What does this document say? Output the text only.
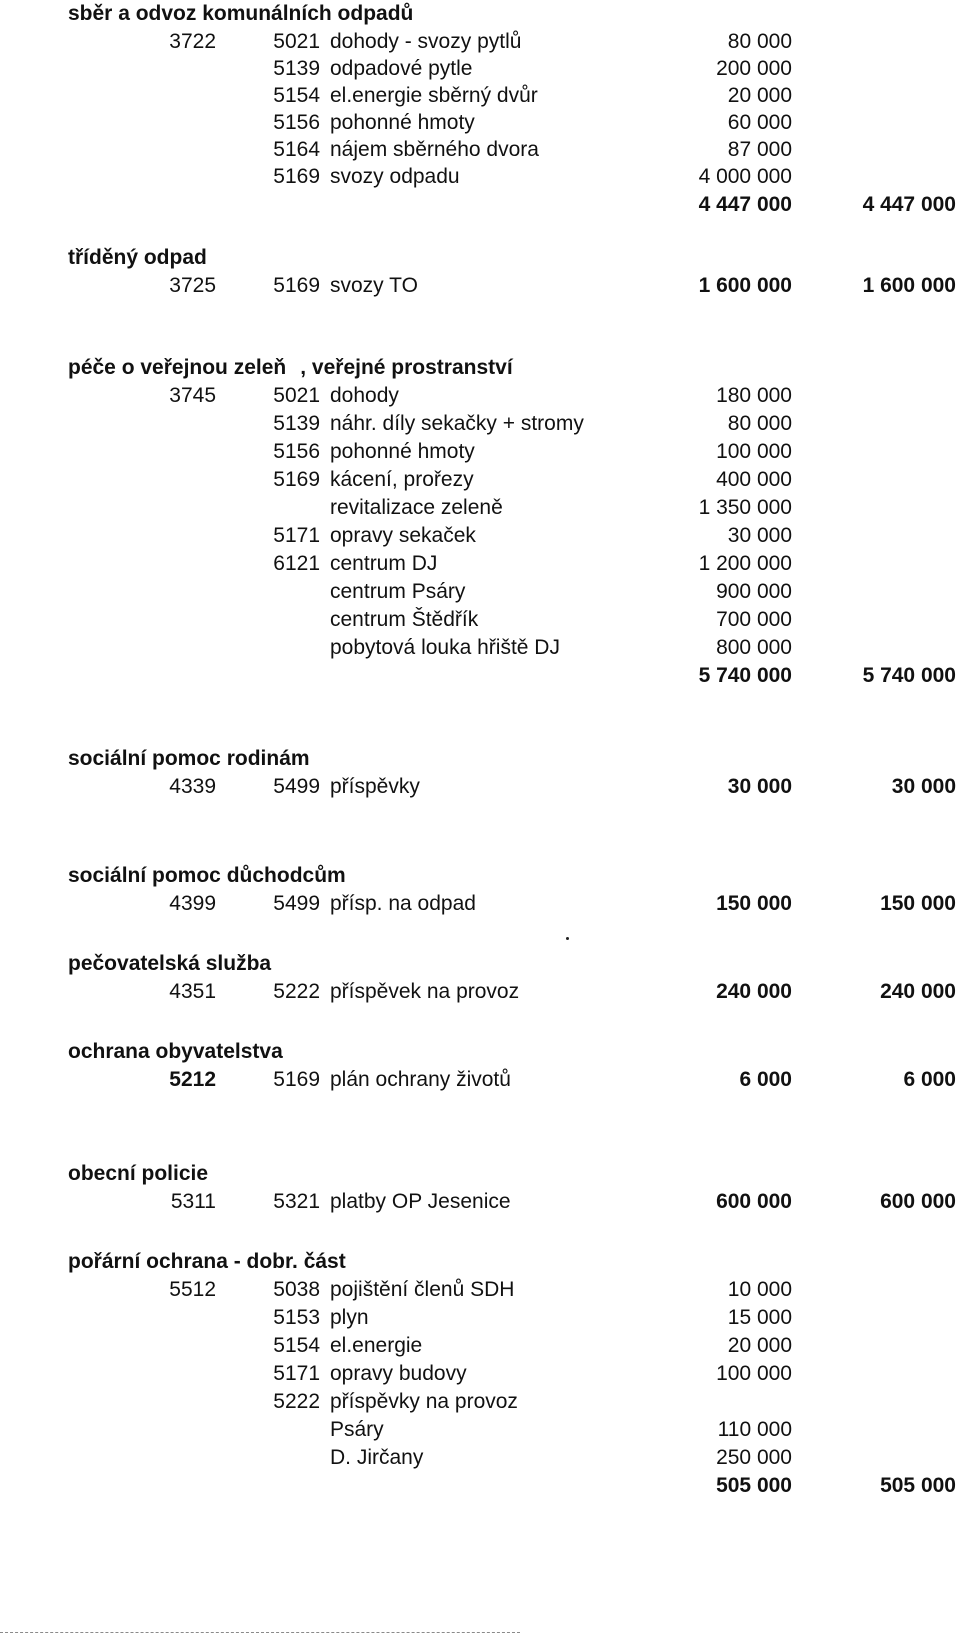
sběr a odvoz komunálních odpadů
3722	5021 dohody - svozy pytlů	80 000
5139 odpadové pytle	200 000
5154 el.energie sběrný dvůr	20 000
5156 pohonné hmoty	60 000
5164 nájem sběrného dvora	87 000
5169 svozy odpadu	4 000 000
4 447 000	4 447 000
tříděný odpad
3725	5169 svozy TO	1 600 000	1 600 000
péče o veřejnou zeleň , veřejné prostranství
3745	5021 dohody	180 000
5139 náhr. díly sekačky + stromy	80 000
5156 pohonné hmoty	100 000
5169 kácení, prořezy	400 000
revitalizace zeleně	1 350 000
5171 opravy sekaček	30 000
6121 centrum DJ	1 200 000
centrum Psáry	900 000
centrum Štědřík	700 000
pobytová louka hřiště DJ	800 000
5 740 000	5 740 000
sociální pomoc rodinám
4339	5499 příspěvky	30 000	30 000
sociální pomoc důchodcům
4399	5499 přísp. na odpad	150 000	150 000
pečovatelská služba
4351	5222 příspěvek na provoz	240 000	240 000
ochrana obyvatelstva
5212	5169 plán ochrany životů	6 000	6 000
obecní policie
5311	5321 platby OP Jesenice	600 000	600 000
pořární ochrana - dobr. část
5512	5038 pojištění členů SDH	10 000
5153 plyn	15 000
5154 el.energie	20 000
5171 opravy budovy	100 000
5222 příspěvky na provoz
Psáry	110 000
D. Jirčany	250 000
505 000	505 000
